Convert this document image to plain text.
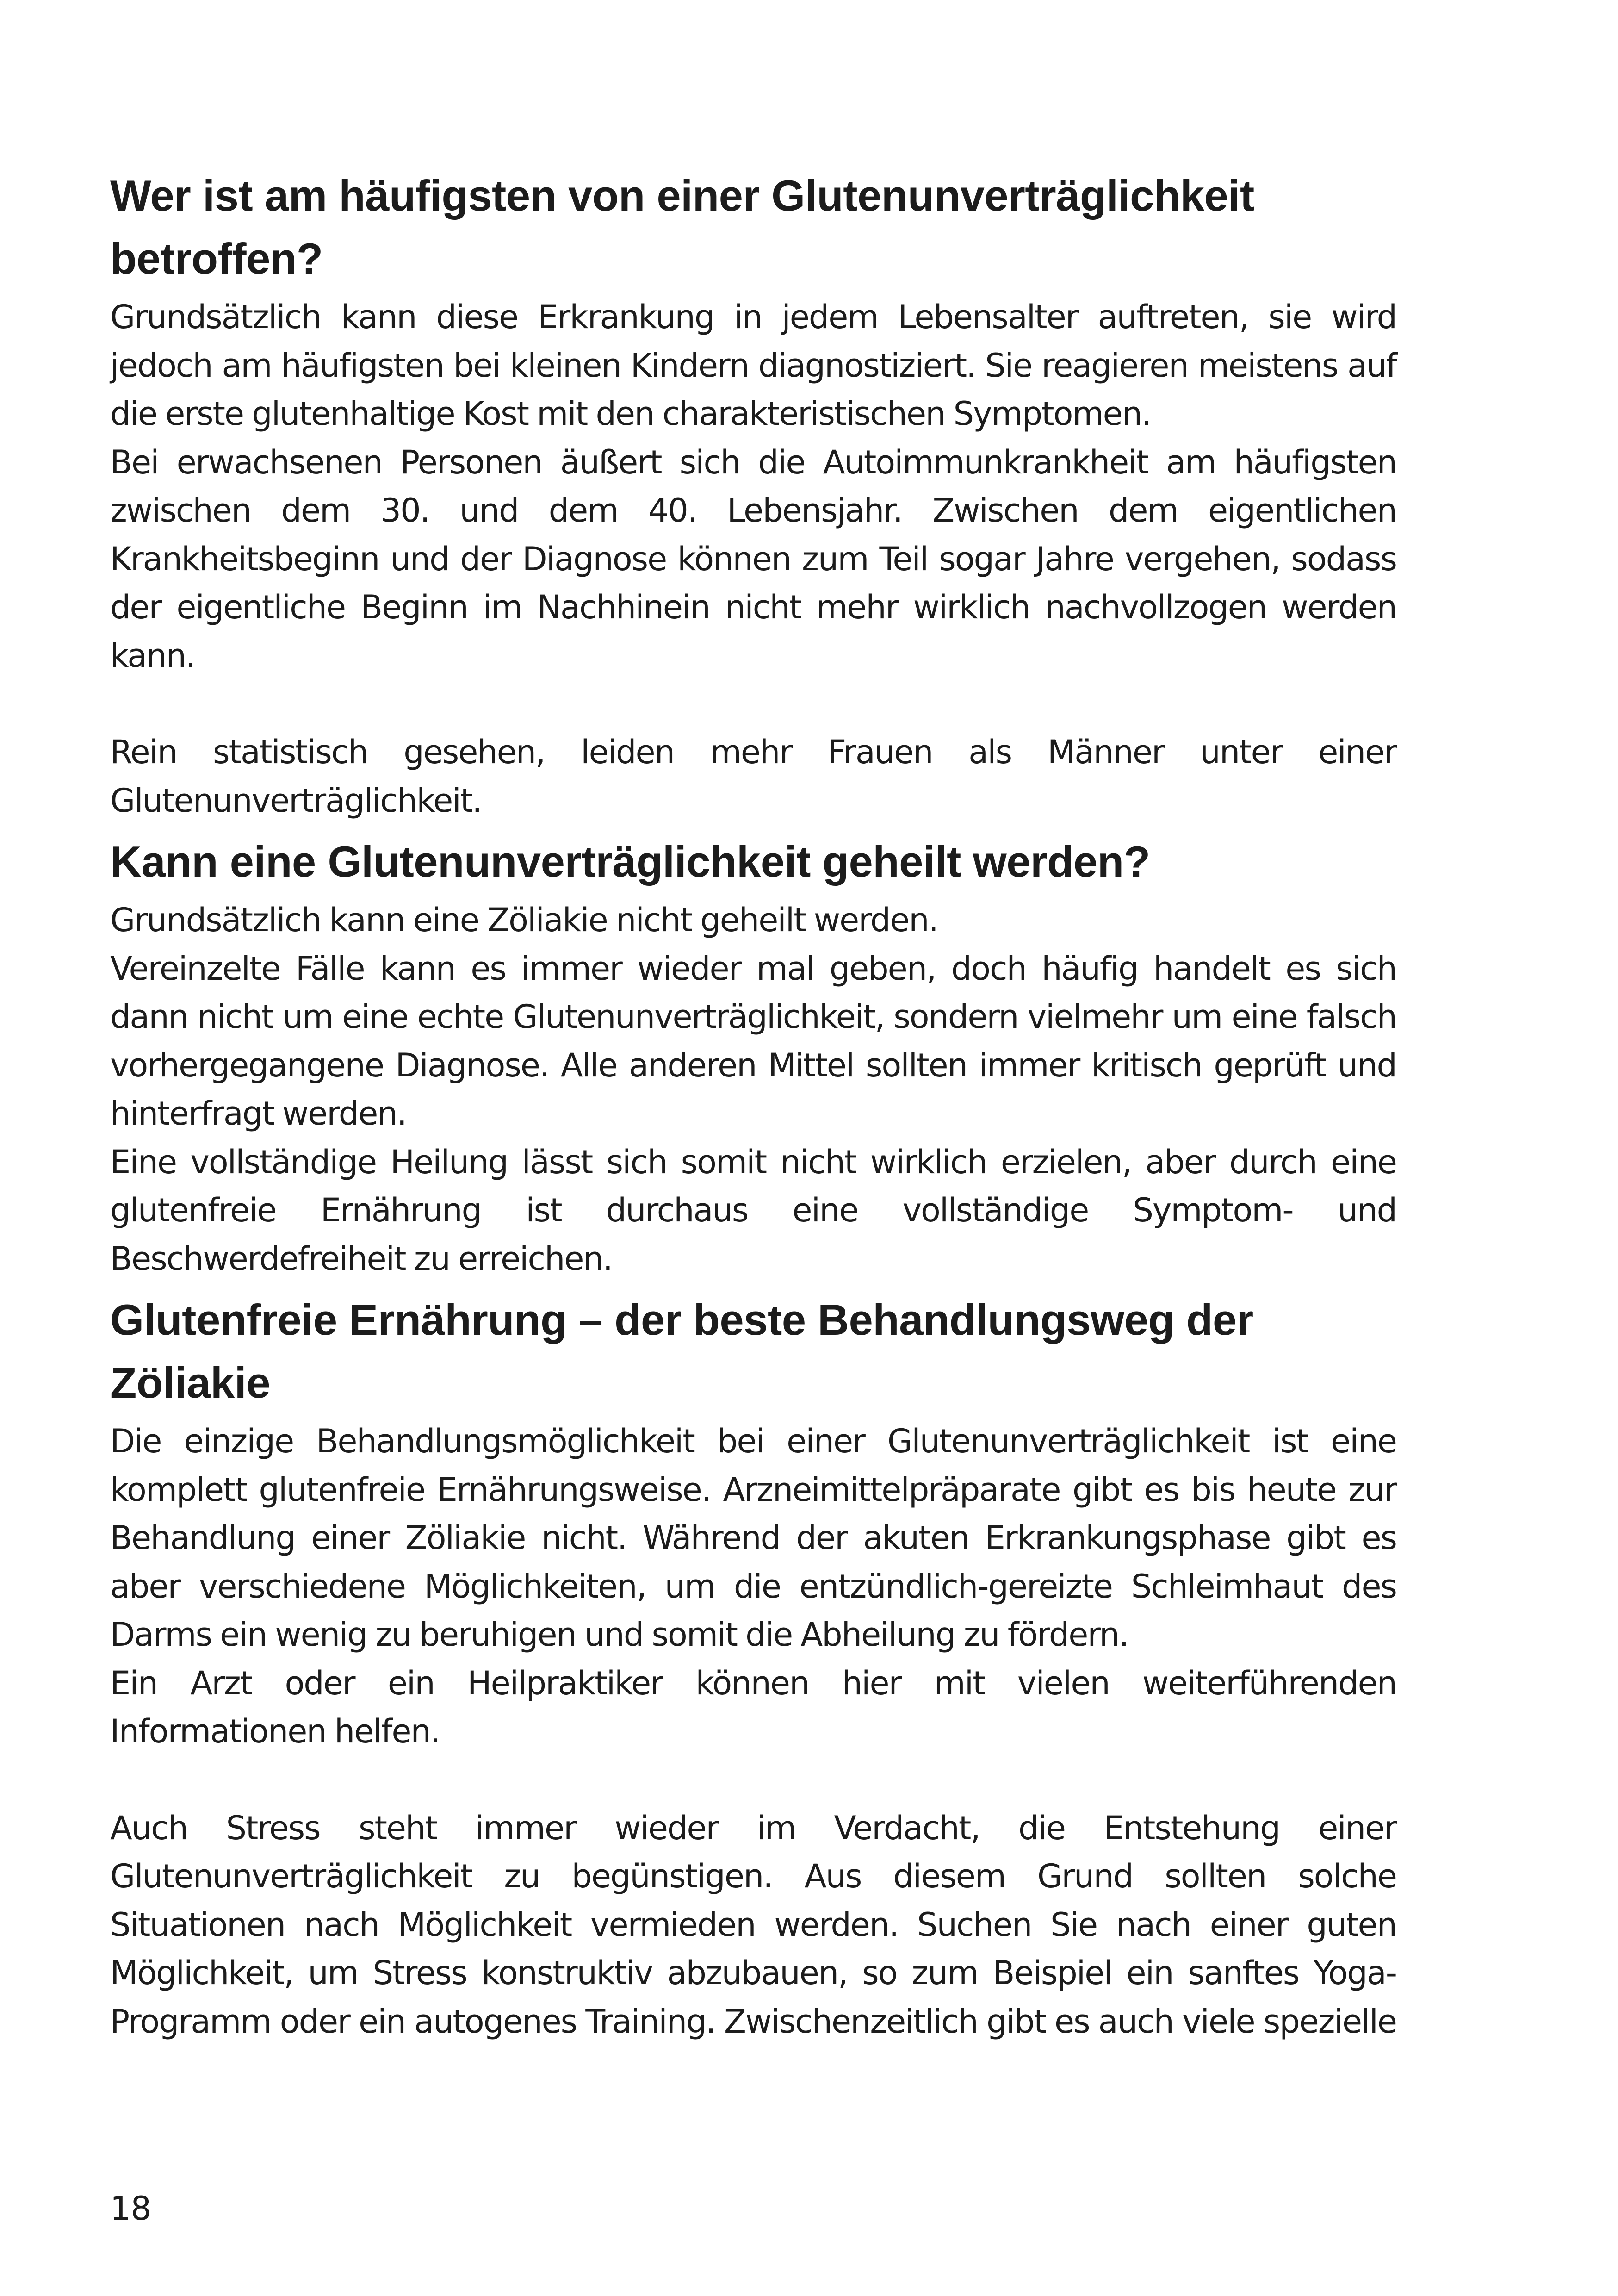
Wer ist am häufigsten von einer Glutenunverträglichkeit betroffen?

Grundsätzlich kann diese Erkrankung in jedem Lebensalter auftreten, sie wird jedoch am häufigsten bei kleinen Kindern diagnostiziert. Sie reagieren meistens auf die erste glutenhaltige Kost mit den charakteristischen Symptomen.

Bei erwachsenen Personen äußert sich die Autoimmunkrankheit am häufigsten zwischen dem 30. und dem 40. Lebensjahr. Zwischen dem eigentlichen Krankheitsbeginn und der Diagnose können zum Teil sogar Jahre vergehen, sodass der eigentliche Beginn im Nachhinein nicht mehr wirklich nachvollzogen werden kann.

Rein statistisch gesehen, leiden mehr Frauen als Männer unter einer Glutenunverträglichkeit.

Kann eine Glutenunverträglichkeit geheilt werden?

Grundsätzlich kann eine Zöliakie nicht geheilt werden.

Vereinzelte Fälle kann es immer wieder mal geben, doch häufig handelt es sich dann nicht um eine echte Glutenunverträglichkeit, sondern vielmehr um eine falsch vorhergegangene Diagnose. Alle anderen Mittel sollten immer kritisch geprüft und hinterfragt werden.

Eine vollständige Heilung lässt sich somit nicht wirklich erzielen, aber durch eine glutenfreie Ernährung ist durchaus eine vollständige Symptom- und Beschwerdefreiheit zu erreichen.

Glutenfreie Ernährung – der beste Behandlungsweg der Zöliakie

Die einzige Behandlungsmöglichkeit bei einer Glutenunverträglichkeit ist eine komplett glutenfreie Ernährungsweise. Arzneimittelpräparate gibt es bis heute zur Behandlung einer Zöliakie nicht. Während der akuten Erkrankungsphase gibt es aber verschiedene Möglichkeiten, um die entzündlich-gereizte Schleimhaut des Darms ein wenig zu beruhigen und somit die Abheilung zu fördern.

Ein Arzt oder ein Heilpraktiker können hier mit vielen weiterführenden Informationen helfen.

Auch Stress steht immer wieder im Verdacht, die Entstehung einer Glutenunverträglichkeit zu begünstigen. Aus diesem Grund sollten solche Situationen nach Möglichkeit vermieden werden. Suchen Sie nach einer guten Möglichkeit, um Stress konstruktiv abzubauen, so zum Beispiel ein sanftes Yoga-Programm oder ein autogenes Training. Zwischenzeitlich gibt es auch viele spezielle

18
